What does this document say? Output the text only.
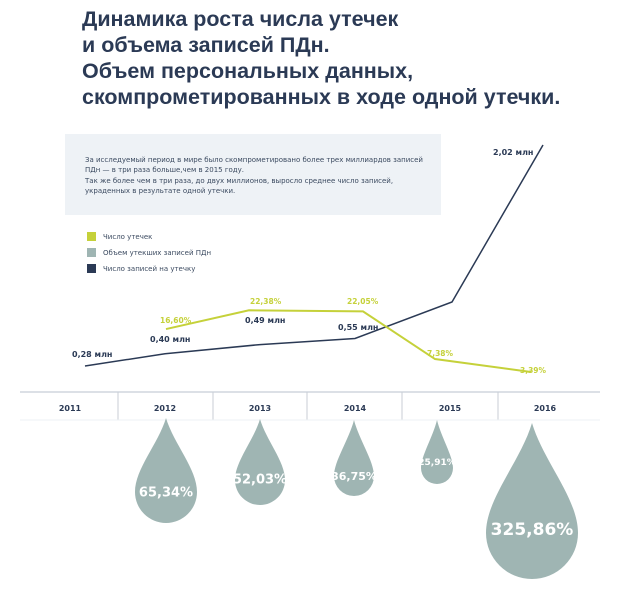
Динамика роста числа утечек
и объема записей ПДн.
Объем персональных данных,
скомпрометированных в ходе одной утечки.
За исследуемый период в мире было скомпрометировано более трех миллиардов записей
ПДн — в три раза больше,чем в 2015 году.
Так же более чем в три раза, до двух миллионов, выросло среднее число записей,
украденных в результате одной утечки.
Число утечек
Объем утекших записей ПДн
Число записей на утечку
2011	2012	2013	2014	2015	2016
0,28 млн
0,40 млн
0,49 млн
0,55 млн
2,02 млн
16,60%
22,38%	22,05%
7,38%
3,39%
65,34%
52,03%	36,75%
25,91%
325,86%
